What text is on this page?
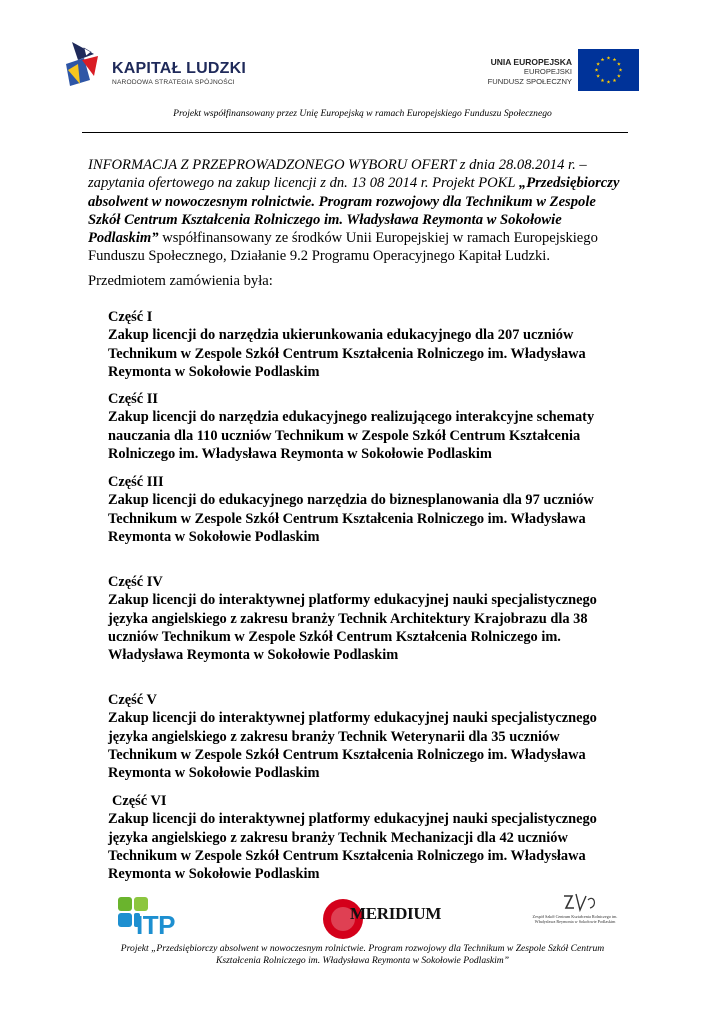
KAPITAŁ LUDZKI
NARODOWA STRATEGIA SPÓJNOŚCI
UNIA EUROPEJSKA
EUROPEJSKI
FUNDUSZ SPOŁECZNY
Projekt współfinansowany przez Unię Europejską w ramach Europejskiego Funduszu Społecznego
INFORMACJA Z PRZEPROWADZONEGO WYBORU OFERT z dnia 28.08.2014 r. –
zapytania ofertowego na zakup licencji z dn. 13 08 2014 r. Projekt POKL „Przedsiębiorczy
absolwent w nowoczesnym rolnictwie. Program rozwojowy dla Technikum w Zespole
Szkół Centrum Kształcenia Rolniczego im. Władysława Reymonta w Sokołowie
Podlaskim” współfinansowany ze środków Unii Europejskiej w ramach Europejskiego
Funduszu Społecznego, Działanie 9.2 Programu Operacyjnego Kapitał Ludzki.
Przedmiotem zamówienia była:
Część I
Zakup licencji do narzędzia ukierunkowania edukacyjnego dla 207 uczniów
Technikum w Zespole Szkół Centrum Kształcenia Rolniczego im. Władysława
Reymonta w Sokołowie Podlaskim
Część II
Zakup licencji do narzędzia edukacyjnego realizującego interakcyjne schematy
nauczania dla 110 uczniów Technikum w Zespole Szkół Centrum Kształcenia
Rolniczego im. Władysława Reymonta w Sokołowie Podlaskim
Część III
Zakup licencji do edukacyjnego narzędzia do biznesplanowania dla 97 uczniów
Technikum w Zespole Szkół Centrum Kształcenia Rolniczego im. Władysława
Reymonta w Sokołowie Podlaskim
Część IV
Zakup licencji do interaktywnej platformy edukacyjnej nauki specjalistycznego
języka angielskiego z zakresu branży Technik Architektury Krajobrazu dla 38
uczniów Technikum w Zespole Szkół Centrum Kształcenia Rolniczego im.
Władysława Reymonta w Sokołowie Podlaskim
Część V
Zakup licencji do interaktywnej platformy edukacyjnej nauki specjalistycznego
języka angielskiego z zakresu branży Technik Weterynarii dla 35 uczniów
Technikum w Zespole Szkół Centrum Kształcenia Rolniczego im. Władysława
Reymonta w Sokołowie Podlaskim
Część VI
Zakup licencji do interaktywnej platformy edukacyjnej nauki specjalistycznego
języka angielskiego z zakresu branży Technik Mechanizacji dla 42 uczniów
Technikum w Zespole Szkół Centrum Kształcenia Rolniczego im. Władysława
Reymonta w Sokołowie Podlaskim
ITP	MERIDIUM	Zespół Szkół Centrum Kształcenia Rolniczego im. Władysława Reymonta w Sokołowie Podlaskim
Projekt „Przedsiębiorczy absolwent w nowoczesnym rolnictwie. Program rozwojowy dla Technikum w Zespole Szkół Centrum
Kształcenia Rolniczego im. Władysława Reymonta w Sokołowie Podlaskim”
